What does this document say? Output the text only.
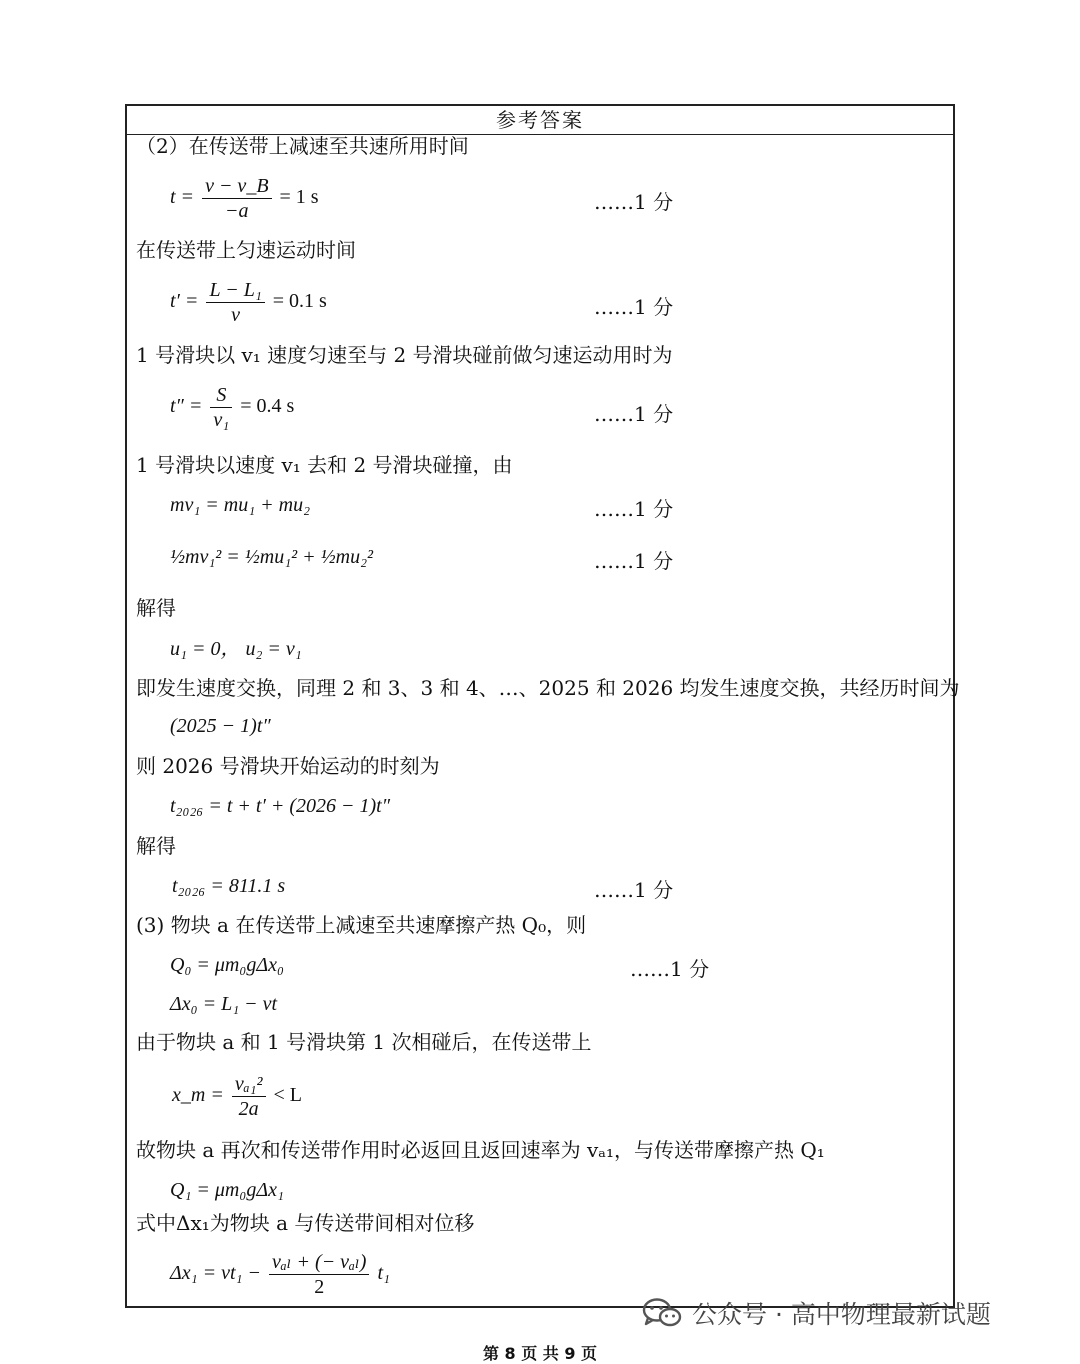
参考答案
（2）在传送带上减速至共速所用时间
$t = \frac{v - v\_B}{-a} = 1$ s	……1 分
在传送带上匀速运动时间
$t' = \frac{\text{L − L₁}}{v} = 0.1$ s	……1 分
1 号滑块以 v₁ 速度匀速至与 2 号滑块碰前做匀速运动用时为
$t'' = \frac{S}{\text{v₁}} = 0.4$ s	……1 分
1 号滑块以速度 v₁ 去和 2 号滑块碰撞，由
mv₁ = mu₁ + mu₂	……1 分
½mv₁² = ½mu₁² + ½mu₂²	……1 分
解得
u₁ = 0， u₂ = v₁
即发生速度交换，同理 2 和 3、3 和 4、…、2025 和 2026 均发生速度交换，共经历时间为
(2025 − 1)t″
则 2026 号滑块开始运动的时刻为
t₂₀₂₆ = t + t′ + (2026 − 1)t″
解得
t₂₀₂₆ = 811.1 s	……1 分
(3) 物块 a 在传送带上减速至共速摩擦产热 Q₀，则
Q₀ = μm₀gΔx₀	……1 分
Δx₀ = L₁ − vt
由于物块 a 和 1 号滑块第 1 次相碰后，在传送带上
x_m = $\frac{\text{vₐ₁²}}{2a} < L$
故物块 a 再次和传送带作用时必返回且返回速率为 vₐ₁，与传送带摩擦产热 Q₁
Q₁ = μm₀gΔx₁
式中Δx₁为物块 a 与传送带间相对位移
$\Delta x_1 = vt_1 - \frac{\text{vₐₗ + (− vₐₗ)}}{2} t_1$
公众号 · 高中物理最新试题
第 8 页 共 9 页
